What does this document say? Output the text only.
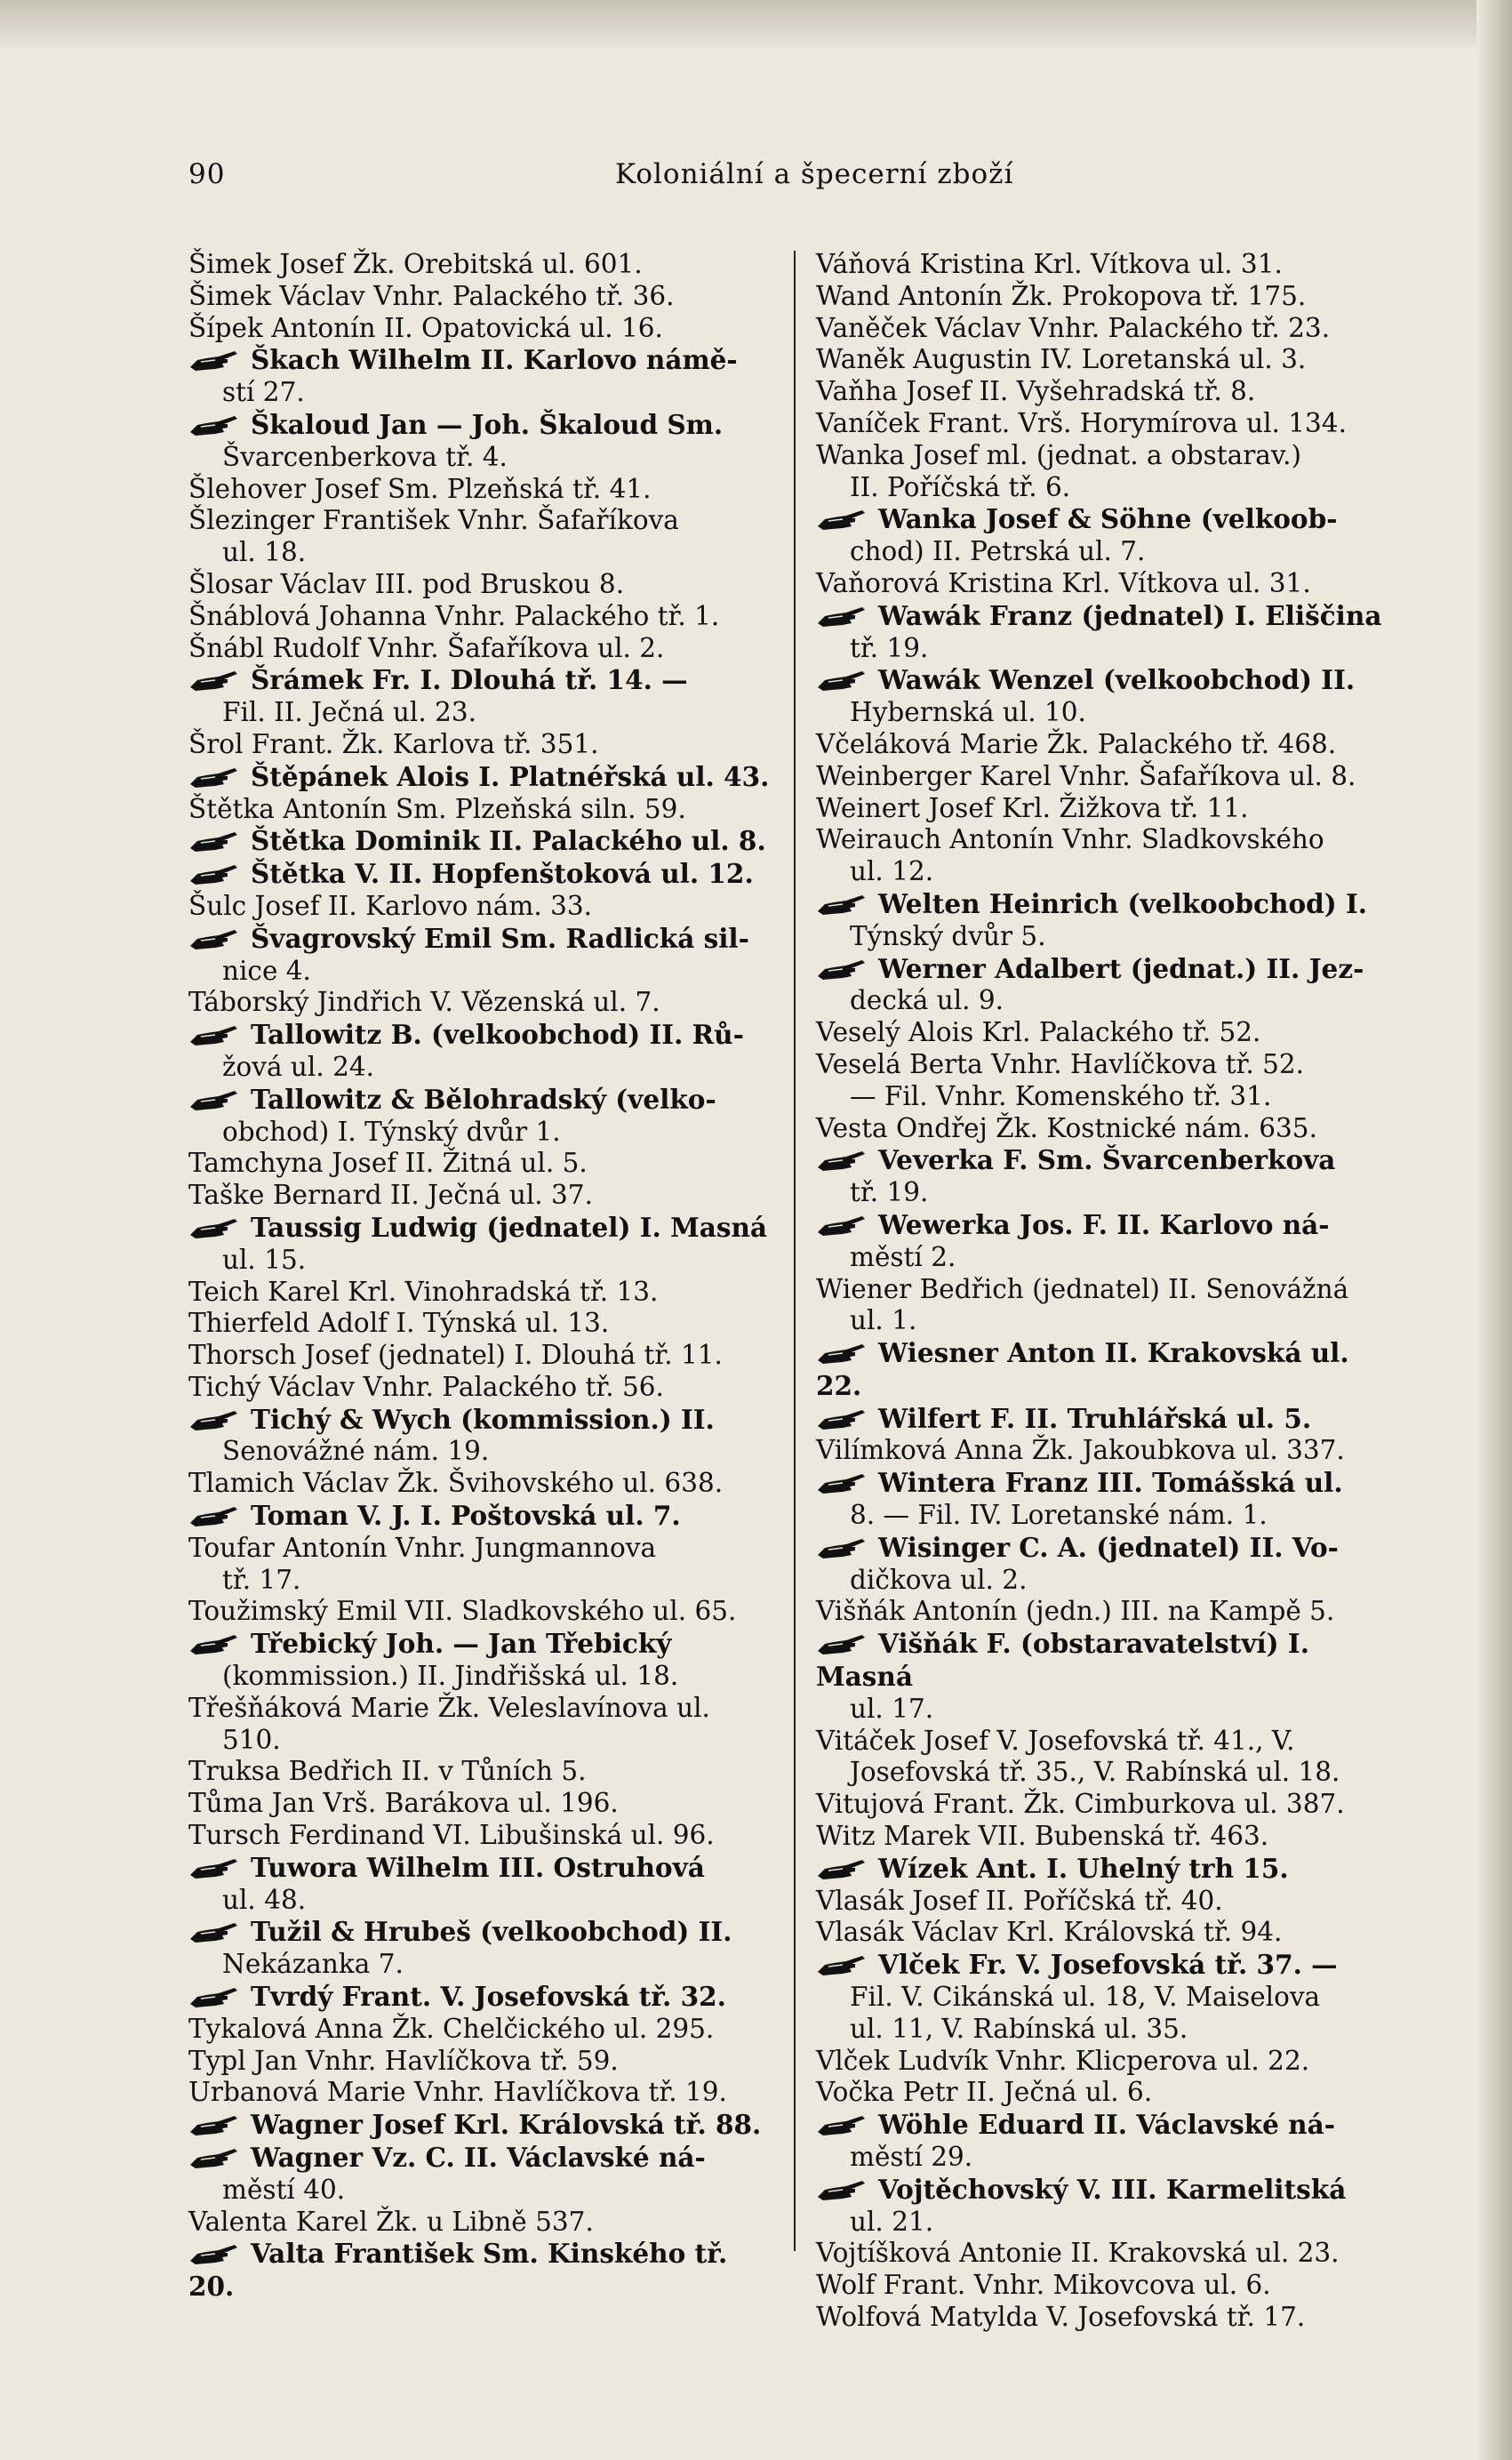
90	Koloniální a špecerní zboží
Šimek Josef Žk. Orebitská ul. 601.
Šimek Václav Vnhr. Palackého tř. 36.
Šípek Antonín II. Opatovická ul. 16.
Škach Wilhelm II. Karlovo námě-
stí 27.
Škaloud Jan — Joh. Škaloud Sm.
Švarcenberkova tř. 4.
Šlehover Josef Sm. Plzeňská tř. 41.
Šlezinger František Vnhr. Šafaříkova
ul. 18.
Šlosar Václav III. pod Bruskou 8.
Šnáblová Johanna Vnhr. Palackého tř. 1.
Šnábl Rudolf Vnhr. Šafaříkova ul. 2.
Šrámek Fr. I. Dlouhá tř. 14. —
Fil. II. Ječná ul. 23.
Šrol Frant. Žk. Karlova tř. 351.
Štěpánek Alois I. Platnéřská ul. 43.
Štětka Antonín Sm. Plzeňská siln. 59.
Štětka Dominik II. Palackého ul. 8.
Štětka V. II. Hopfenštoková ul. 12.
Šulc Josef II. Karlovo nám. 33.
Švagrovský Emil Sm. Radlická sil-
nice 4.
Táborský Jindřich V. Vězenská ul. 7.
Tallowitz B. (velkoobchod) II. Rů-
žová ul. 24.
Tallowitz & Bělohradský (velko-
obchod) I. Týnský dvůr 1.
Tamchyna Josef II. Žitná ul. 5.
Taške Bernard II. Ječná ul. 37.
Taussig Ludwig (jednatel) I. Masná
ul. 15.
Teich Karel Krl. Vinohradská tř. 13.
Thierfeld Adolf I. Týnská ul. 13.
Thorsch Josef (jednatel) I. Dlouhá tř. 11.
Tichý Václav Vnhr. Palackého tř. 56.
Tichý & Wych (kommission.) II.
Senovážné nám. 19.
Tlamich Václav Žk. Švihovského ul. 638.
Toman V. J. I. Poštovská ul. 7.
Toufar Antonín Vnhr. Jungmannova
tř. 17.
Toužimský Emil VII. Sladkovského ul. 65.
Třebický Joh. — Jan Třebický
(kommission.) II. Jindřišská ul. 18.
Třešňáková Marie Žk. Veleslavínova ul.
510.
Truksa Bedřich II. v Tůních 5.
Tůma Jan Vrš. Barákova ul. 196.
Tursch Ferdinand VI. Libušinská ul. 96.
Tuwora Wilhelm III. Ostruhová
ul. 48.
Tužil & Hrubeš (velkoobchod) II.
Nekázanka 7.
Tvrdý Frant. V. Josefovská tř. 32.
Tykalová Anna Žk. Chelčického ul. 295.
Typl Jan Vnhr. Havlíčkova tř. 59.
Urbanová Marie Vnhr. Havlíčkova tř. 19.
Wagner Josef Krl. Královská tř. 88.
Wagner Vz. C. II. Václavské ná-
městí 40.
Valenta Karel Žk. u Libně 537.
Valta František Sm. Kinského tř. 20.
Váňová Kristina Krl. Vítkova ul. 31.
Wand Antonín Žk. Prokopova tř. 175.
Vaněček Václav Vnhr. Palackého tř. 23.
Waněk Augustin IV. Loretanská ul. 3.
Vaňha Josef II. Vyšehradská tř. 8.
Vaníček Frant. Vrš. Horymírova ul. 134.
Wanka Josef ml. (jednat. a obstarav.)
II. Poříčská tř. 6.
Wanka Josef & Söhne (velkoob-
chod) II. Petrská ul. 7.
Vaňorová Kristina Krl. Vítkova ul. 31.
Wawák Franz (jednatel) I. Eliščina
tř. 19.
Wawák Wenzel (velkoobchod) II.
Hybernská ul. 10.
Včeláková Marie Žk. Palackého tř. 468.
Weinberger Karel Vnhr. Šafaříkova ul. 8.
Weinert Josef Krl. Žižkova tř. 11.
Weirauch Antonín Vnhr. Sladkovského
ul. 12.
Welten Heinrich (velkoobchod) I.
Týnský dvůr 5.
Werner Adalbert (jednat.) II. Jez-
decká ul. 9.
Veselý Alois Krl. Palackého tř. 52.
Veselá Berta Vnhr. Havlíčkova tř. 52.
— Fil. Vnhr. Komenského tř. 31.
Vesta Ondřej Žk. Kostnické nám. 635.
Veverka F. Sm. Švarcenberkova
tř. 19.
Wewerka Jos. F. II. Karlovo ná-
městí 2.
Wiener Bedřich (jednatel) II. Senovážná
ul. 1.
Wiesner Anton II. Krakovská ul. 22.
Wilfert F. II. Truhlářská ul. 5.
Vilímková Anna Žk. Jakoubkova ul. 337.
Wintera Franz III. Tomášská ul.
8. — Fil. IV. Loretanské nám. 1.
Wisinger C. A. (jednatel) II. Vo-
dičkova ul. 2.
Višňák Antonín (jedn.) III. na Kampě 5.
Višňák F. (obstaravatelství) I. Masná
ul. 17.
Vitáček Josef V. Josefovská tř. 41., V.
Josefovská tř. 35., V. Rabínská ul. 18.
Vitujová Frant. Žk. Cimburkova ul. 387.
Witz Marek VII. Bubenská tř. 463.
Wízek Ant. I. Uhelný trh 15.
Vlasák Josef II. Poříčská tř. 40.
Vlasák Václav Krl. Královská tř. 94.
Vlček Fr. V. Josefovská tř. 37. —
Fil. V. Cikánská ul. 18, V. Maiselova
ul. 11, V. Rabínská ul. 35.
Vlček Ludvík Vnhr. Klicperova ul. 22.
Vočka Petr II. Ječná ul. 6.
Wöhle Eduard II. Václavské ná-
městí 29.
Vojtěchovský V. III. Karmelitská
ul. 21.
Vojtíšková Antonie II. Krakovská ul. 23.
Wolf Frant. Vnhr. Mikovcova ul. 6.
Wolfová Matylda V. Josefovská tř. 17.
